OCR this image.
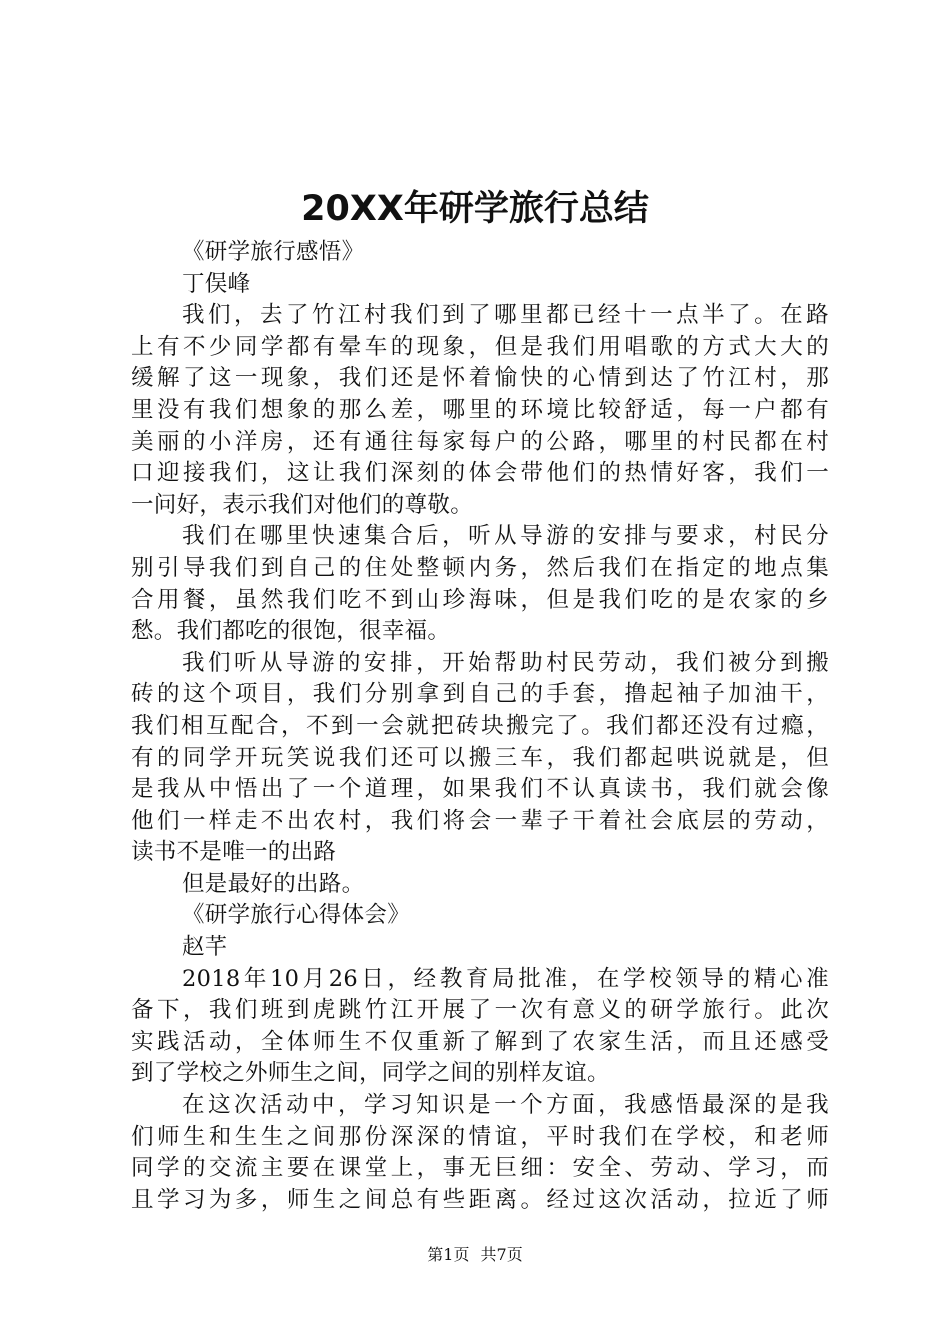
20XX年研学旅行总结
《研学旅行感悟》
丁俣峰
我们，去了竹江村我们到了哪里都已经十一点半了。在路
上有不少同学都有晕车的现象，但是我们用唱歌的方式大大的
缓解了这一现象，我们还是怀着愉快的心情到达了竹江村，那
里没有我们想象的那么差，哪里的环境比较舒适，每一户都有
美丽的小洋房，还有通往每家每户的公路，哪里的村民都在村
口迎接我们，这让我们深刻的体会带他们的热情好客，我们一
一问好，表示我们对他们的尊敬。
我们在哪里快速集合后，听从导游的安排与要求，村民分
别引导我们到自己的住处整顿内务，然后我们在指定的地点集
合用餐，虽然我们吃不到山珍海味，但是我们吃的是农家的乡
愁。我们都吃的很饱，很幸福。
我们听从导游的安排，开始帮助村民劳动，我们被分到搬
砖的这个项目，我们分别拿到自己的手套，撸起袖子加油干，
我们相互配合，不到一会就把砖块搬完了。我们都还没有过瘾，
有的同学开玩笑说我们还可以搬三车，我们都起哄说就是，但
是我从中悟出了一个道理，如果我们不认真读书，我们就会像
他们一样走不出农村，我们将会一辈子干着社会底层的劳动，
读书不是唯一的出路
但是最好的出路。
《研学旅行心得体会》
赵芊
2018年10月26日，经教育局批准，在学校领导的精心准
备下，我们班到虎跳竹江开展了一次有意义的研学旅行。此次
实践活动，全体师生不仅重新了解到了农家生活，而且还感受
到了学校之外师生之间，同学之间的别样友谊。
在这次活动中，学习知识是一个方面，我感悟最深的是我
们师生和生生之间那份深深的情谊，平时我们在学校，和老师
同学的交流主要在课堂上，事无巨细：安全、劳动、学习，而
且学习为多，师生之间总有些距离。经过这次活动，拉近了师
第1页 共7页
